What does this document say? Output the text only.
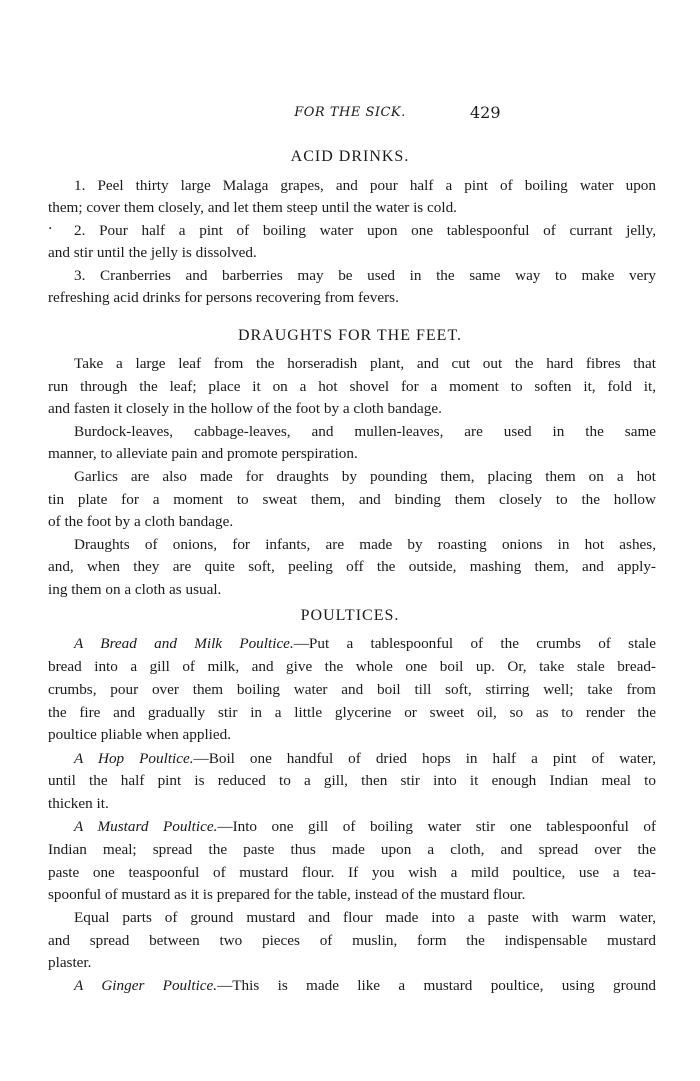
FOR THE SICK.	429
ACID DRINKS.
1. Peel thirty large Malaga grapes, and pour half a pint of boiling water upon
them; cover them closely, and let them steep until the water is cold.
· 2. Pour half a pint of boiling water upon one tablespoonful of currant jelly,
and stir until the jelly is dissolved.
3. Cranberries and barberries may be used in the same way to make very
refreshing acid drinks for persons recovering from fevers.
DRAUGHTS FOR THE FEET.
Take a large leaf from the horseradish plant, and cut out the hard fibres that
run through the leaf; place it on a hot shovel for a moment to soften it, fold it,
and fasten it closely in the hollow of the foot by a cloth bandage.
Burdock-leaves, cabbage-leaves, and mullen-leaves, are used in the same
manner, to alleviate pain and promote perspiration.
Garlics are also made for draughts by pounding them, placing them on a hot
tin plate for a moment to sweat them, and binding them closely to the hollow
of the foot by a cloth bandage.
Draughts of onions, for infants, are made by roasting onions in hot ashes,
and, when they are quite soft, peeling off the outside, mashing them, and apply-
ing them on a cloth as usual.
POULTICES.
A Bread and Milk Poultice.—Put a tablespoonful of the crumbs of stale
bread into a gill of milk, and give the whole one boil up. Or, take stale bread-
crumbs, pour over them boiling water and boil till soft, stirring well; take from
the fire and gradually stir in a little glycerine or sweet oil, so as to render the
poultice pliable when applied.
A Hop Poultice.—Boil one handful of dried hops in half a pint of water,
until the half pint is reduced to a gill, then stir into it enough Indian meal to
thicken it.
A Mustard Poultice.—Into one gill of boiling water stir one tablespoonful of
Indian meal; spread the paste thus made upon a cloth, and spread over the
paste one teaspoonful of mustard flour. If you wish a mild poultice, use a tea-
spoonful of mustard as it is prepared for the table, instead of the mustard flour.
Equal parts of ground mustard and flour made into a paste with warm water,
and spread between two pieces of muslin, form the indispensable mustard
plaster.
A Ginger Poultice.—This is made like a mustard poultice, using ground
